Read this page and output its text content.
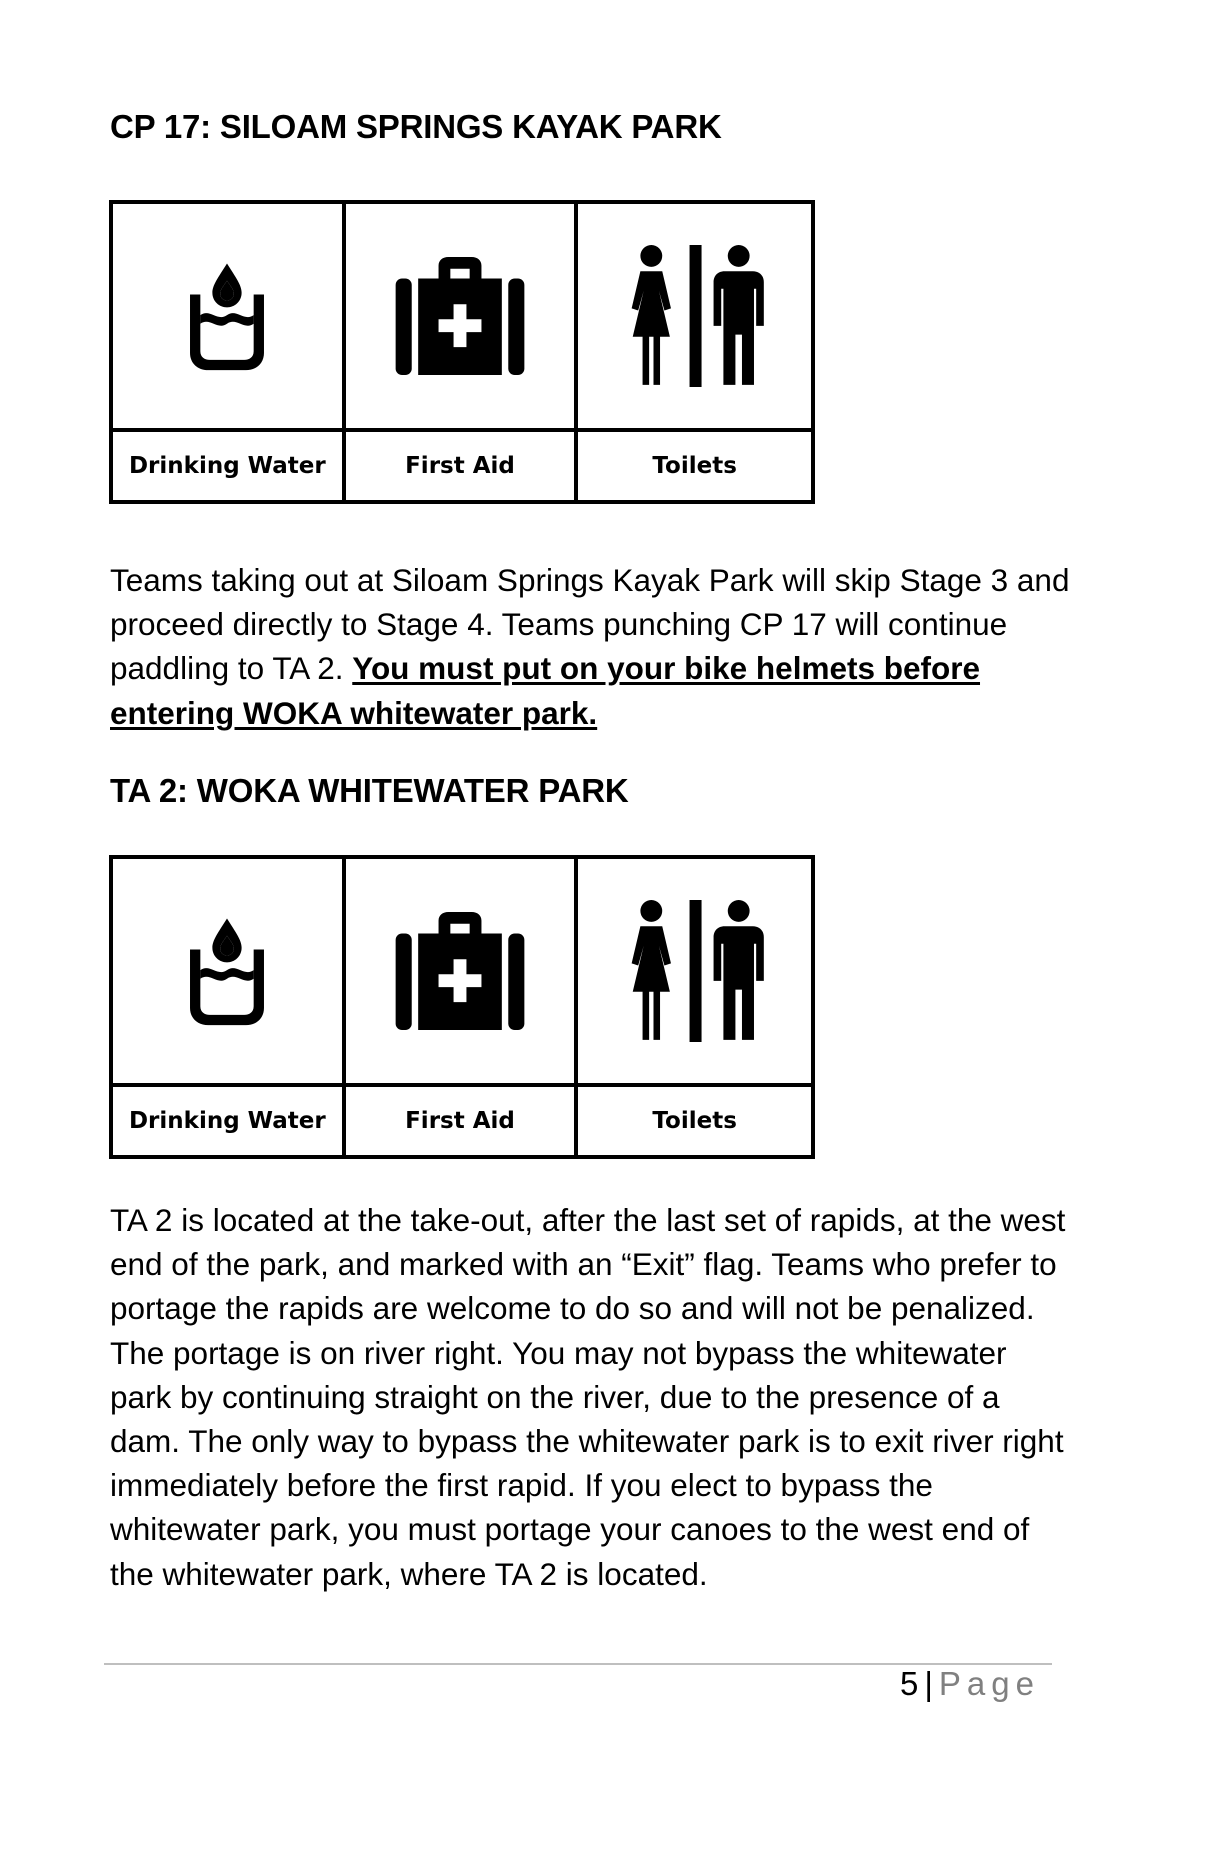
CP 17: SILOAM SPRINGS KAYAK PARK
Drinking Water	First Aid	Toilets

Teams taking out at Siloam Springs Kayak Park will skip Stage 3 and proceed directly to Stage 4. Teams punching CP 17 will continue paddling to TA 2. You must put on your bike helmets before entering WOKA whitewater park.

TA 2: WOKA WHITEWATER PARK
Drinking Water	First Aid	Toilets

TA 2 is located at the take-out, after the last set of rapids, at the west end of the park, and marked with an “Exit” flag. Teams who prefer to portage the rapids are welcome to do so and will not be penalized. The portage is on river right. You may not bypass the whitewater park by continuing straight on the river, due to the presence of a dam. The only way to bypass the whitewater park is to exit river right immediately before the first rapid. If you elect to bypass the whitewater park, you must portage your canoes to the west end of the whitewater park, where TA 2 is located.

5 | Page
